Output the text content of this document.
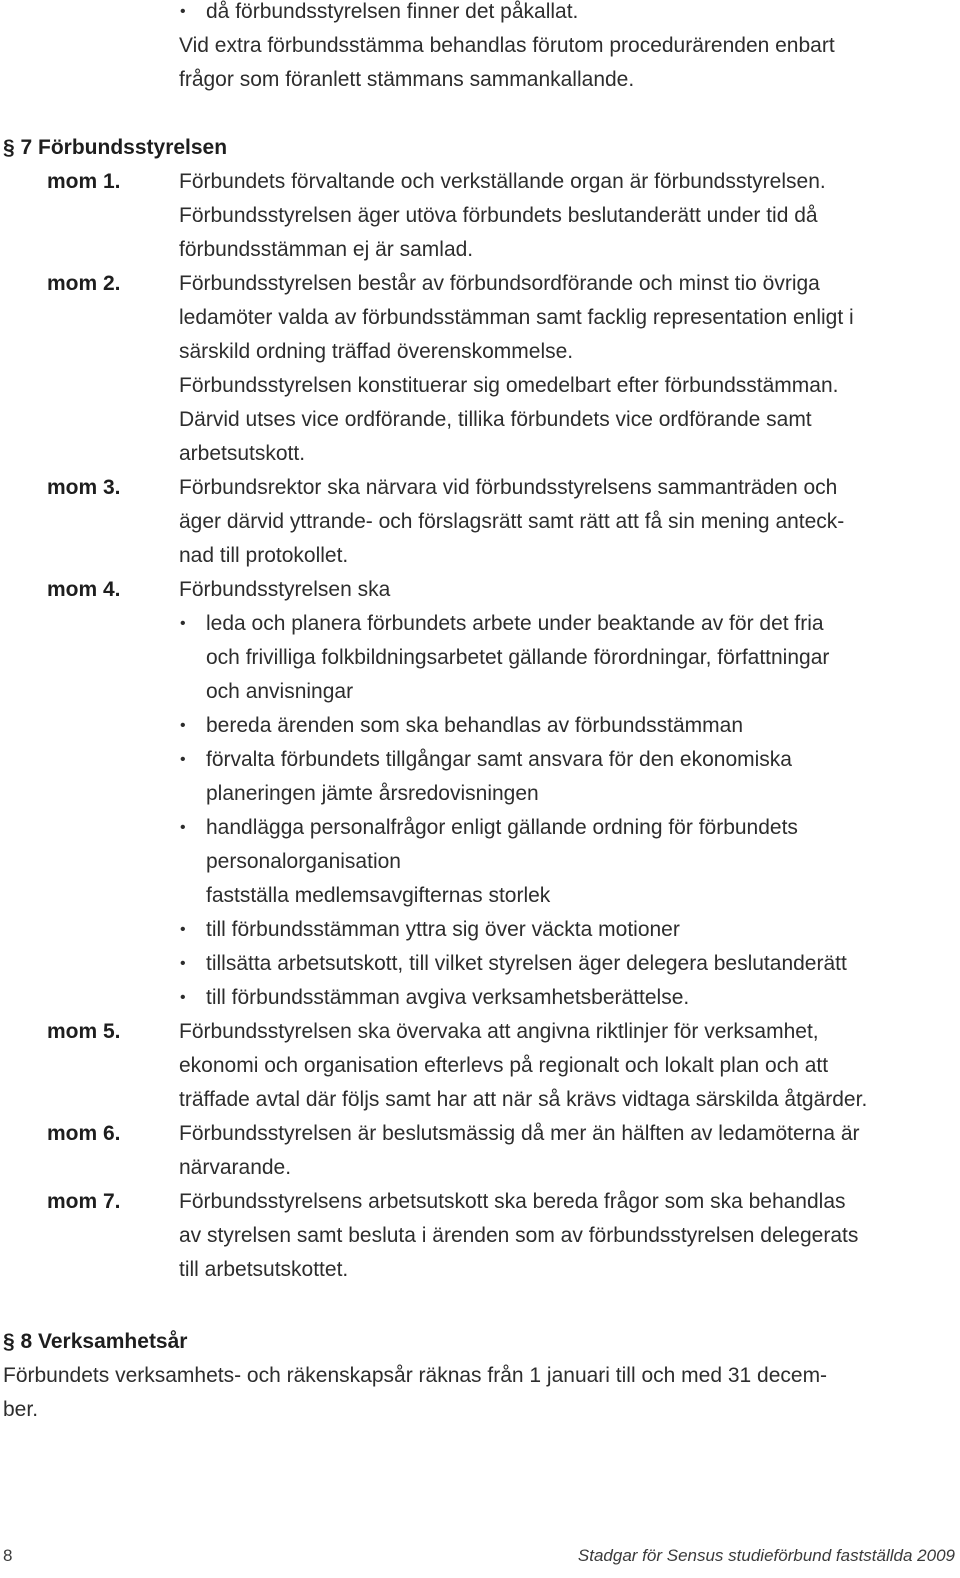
• då förbundsstyrelsen finner det påkallat.
Vid extra förbundsstämma behandlas förutom procedurärenden enbart
frågor som föranlett stämmans sammankallande.
§ 7 Förbundsstyrelsen
mom 1.	Förbundets förvaltande och verkställande organ är förbundsstyrelsen.
Förbundsstyrelsen äger utöva förbundets beslutanderätt under tid då
förbundsstämman ej är samlad.
mom 2.	Förbundsstyrelsen består av förbundsordförande och minst tio övriga
ledamöter valda av förbundsstämman samt facklig representation enligt i
särskild ordning träffad överenskommelse.
Förbundsstyrelsen konstituerar sig omedelbart efter förbundsstämman.
Därvid utses vice ordförande, tillika förbundets vice ordförande samt
arbetsutskott.
mom 3.	Förbundsrektor ska närvara vid förbundsstyrelsens sammanträden och
äger därvid yttrande- och förslagsrätt samt rätt att få sin mening anteck-
nad till protokollet.
mom 4.	Förbundsstyrelsen ska
• leda och planera förbundets arbete under beaktande av för det fria
och frivilliga folkbildningsarbetet gällande förordningar, författningar
och anvisningar
• bereda ärenden som ska behandlas av förbundsstämman
• förvalta förbundets tillgångar samt ansvara för den ekonomiska
planeringen jämte årsredovisningen
• handlägga personalfrågor enligt gällande ordning för förbundets
personalorganisation
fastställa medlemsavgifternas storlek
• till förbundsstämman yttra sig över väckta motioner
• tillsätta arbetsutskott, till vilket styrelsen äger delegera beslutanderätt
• till förbundsstämman avgiva verksamhetsberättelse.
mom 5.	Förbundsstyrelsen ska övervaka att angivna riktlinjer för verksamhet,
ekonomi och organisation efterlevs på regionalt och lokalt plan och att
träffade avtal där följs samt har att när så krävs vidtaga särskilda åtgärder.
mom 6.	Förbundsstyrelsen är beslutsmässig då mer än hälften av ledamöterna är
närvarande.
mom 7.	Förbundsstyrelsens arbetsutskott ska bereda frågor som ska behandlas
av styrelsen samt besluta i ärenden som av förbundsstyrelsen delegerats
till arbetsutskottet.
§ 8 Verksamhetsår
Förbundets verksamhets- och räkenskapsår räknas från 1 januari till och med 31 decem-
ber.
8	Stadgar för Sensus studieförbund fastställda 2009
